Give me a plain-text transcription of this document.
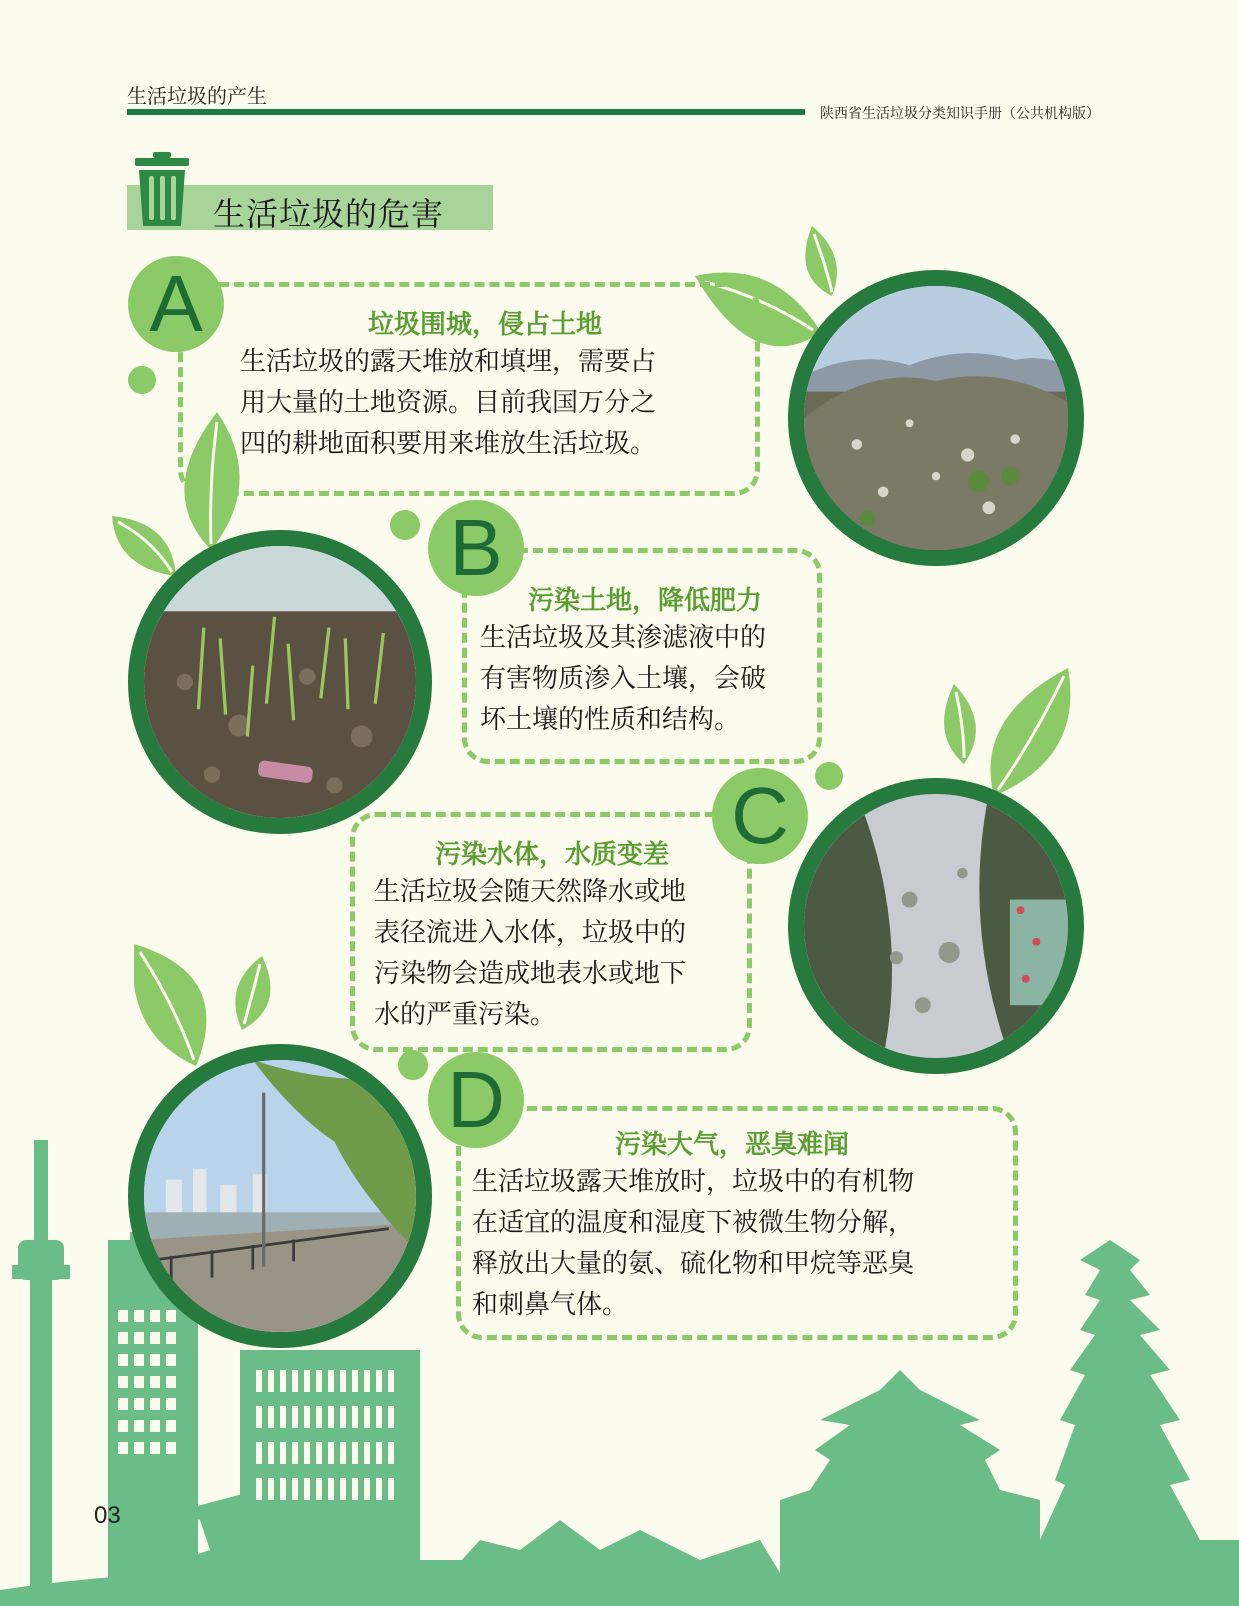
生活垃圾的产生
陕西省生活垃圾分类知识手册（公共机构版）
生活垃圾的危害
A	垃圾围城，侵占土地
生活垃圾的露天堆放和填埋，需要占
用大量的土地资源。目前我国万分之
四的耕地面积要用来堆放生活垃圾。
B
污染土地，降低肥力
生活垃圾及其渗滤液中的
有害物质渗入土壤，会破
坏土壤的性质和结构。
C
污染水体，水质变差
生活垃圾会随天然降水或地
表径流进入水体，垃圾中的
污染物会造成地表水或地下
水的严重污染。
D
污染大气，恶臭难闻
生活垃圾露天堆放时，垃圾中的有机物
在适宜的温度和湿度下被微生物分解，
释放出大量的氨、硫化物和甲烷等恶臭
和刺鼻气体。
03
